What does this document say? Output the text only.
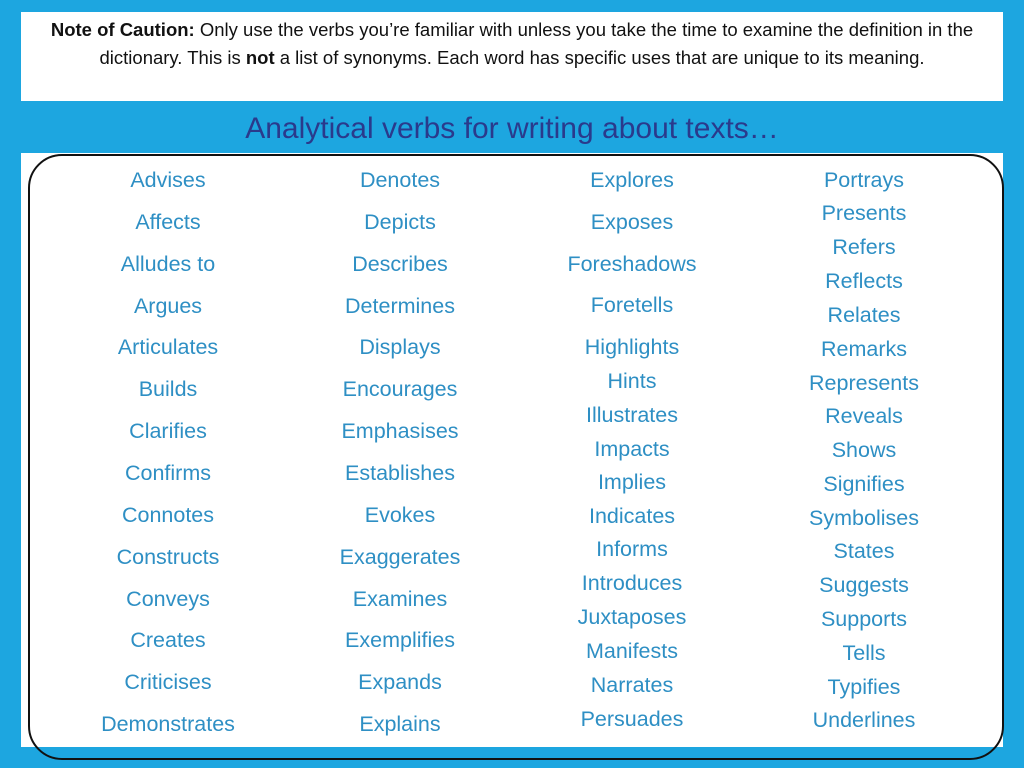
Note of Caution: Only use the verbs you’re familiar with unless you take the time to examine the definition in the dictionary. This is not a list of synonyms. Each word has specific uses that are unique to its meaning.
Analytical verbs for writing about texts…
Advises
Affects
Alludes to
Argues
Articulates
Builds
Clarifies
Confirms
Connotes
Constructs
Conveys
Creates
Criticises
Demonstrates
Denotes
Depicts
Describes
Determines
Displays
Encourages
Emphasises
Establishes
Evokes
Exaggerates
Examines
Exemplifies
Expands
Explains
Explores
Exposes
Foreshadows
Foretells
Highlights
Hints
Illustrates
Impacts
Implies
Indicates
Informs
Introduces
Juxtaposes
Manifests
Narrates
Persuades
Portrays
Presents
Refers
Reflects
Relates
Remarks
Represents
Reveals
Shows
Signifies
Symbolises
States
Suggests
Supports
Tells
Typifies
Underlines
